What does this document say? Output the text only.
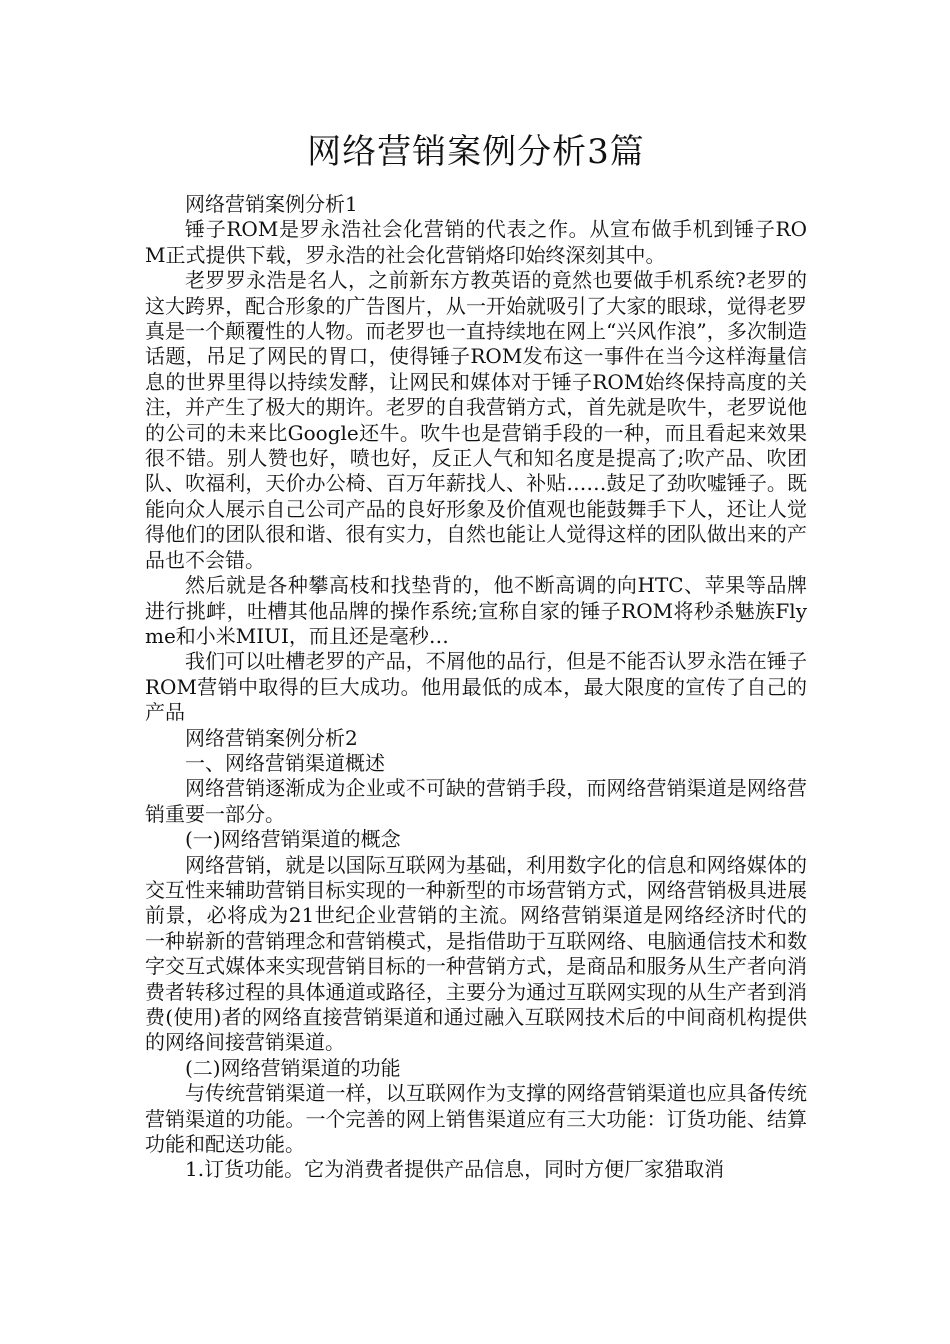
网络营销案例分析3篇

网络营销案例分析1

锤子ROM是罗永浩社会化营销的代表之作。从宣布做手机到锤子ROM正式提供下载，罗永浩的社会化营销烙印始终深刻其中。

老罗罗永浩是名人，之前新东方教英语的竟然也要做手机系统?老罗的这大跨界，配合形象的广告图片，从一开始就吸引了大家的眼球，觉得老罗真是一个颠覆性的人物。而老罗也一直持续地在网上“兴风作浪”，多次制造话题，吊足了网民的胃口，使得锤子ROM发布这一事件在当今这样海量信息的世界里得以持续发酵，让网民和媒体对于锤子ROM始终保持高度的关注，并产生了极大的期许。老罗的自我营销方式，首先就是吹牛，老罗说他的公司的未来比Google还牛。吹牛也是营销手段的一种，而且看起来效果很不错。别人赞也好，喷也好，反正人气和知名度是提高了;吹产品、吹团队、吹福利，天价办公椅、百万年薪找人、补贴……鼓足了劲吹嘘锤子。既能向众人展示自己公司产品的良好形象及价值观也能鼓舞手下人，还让人觉得他们的团队很和谐、很有实力，自然也能让人觉得这样的团队做出来的产品也不会错。

然后就是各种攀高枝和找垫背的，他不断高调的向HTC、苹果等品牌进行挑衅，吐槽其他品牌的操作系统;宣称自家的锤子ROM将秒杀魅族Flyme和小米MIUI，而且还是毫秒…

我们可以吐槽老罗的产品，不屑他的品行，但是不能否认罗永浩在锤子ROM营销中取得的巨大成功。他用最低的成本，最大限度的宣传了自己的产品

网络营销案例分析2

一、网络营销渠道概述

网络营销逐渐成为企业或不可缺的营销手段，而网络营销渠道是网络营销重要一部分。

(一)网络营销渠道的概念

网络营销，就是以国际互联网为基础，利用数字化的信息和网络媒体的交互性来辅助营销目标实现的一种新型的市场营销方式，网络营销极具进展前景，必将成为21世纪企业营销的主流。网络营销渠道是网络经济时代的一种崭新的营销理念和营销模式，是指借助于互联网络、电脑通信技术和数字交互式媒体来实现营销目标的一种营销方式，是商品和服务从生产者向消费者转移过程的具体通道或路径，主要分为通过互联网实现的从生产者到消费(使用)者的网络直接营销渠道和通过融入互联网技术后的中间商机构提供的网络间接营销渠道。

(二)网络营销渠道的功能

与传统营销渠道一样，以互联网作为支撑的网络营销渠道也应具备传统营销渠道的功能。一个完善的网上销售渠道应有三大功能：订货功能、结算功能和配送功能。

1.订货功能。它为消费者提供产品信息，同时方便厂家猎取消
